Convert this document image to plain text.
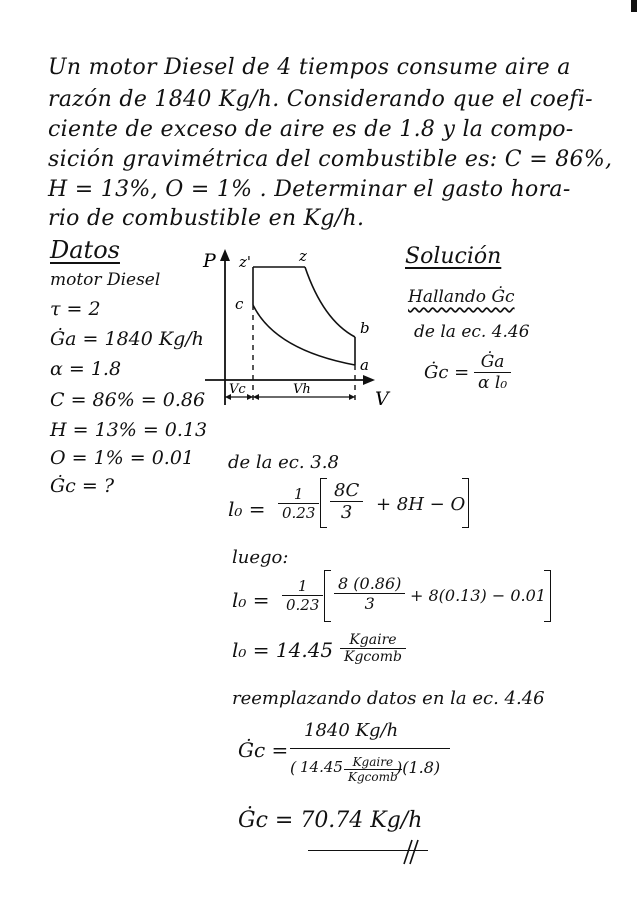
Un motor Diesel de 4 tiempos consume aire a
razón de 1840 Kg/h. Considerando que el coefi-
ciente de exceso de aire es de 1.8 y la compo-
sición gravimétrica del combustible es: C = 86%,
H = 13%, O = 1% . Determinar el gasto hora-
rio de combustible en Kg/h.
Datos
motor Diesel
τ = 2
Ġa = 1840 Kg/h
α = 1.8
C = 86% = 0.86
H = 13% = 0.13
O = 1% = 0.01
Ġc = ?
P
V
z'	z
c
b
a
Vc	Vh
Solución
Hallando Ġc
de la ec. 4.46
Ġc = $\frac{Ġa}{\text{α l₀}}$
de la ec. 3.8
$l_0 = \frac{1}{0.23} \frac{8C}{3} + 8H - O$
luego:
$l_0 = \frac{1}{0.23} \frac{8 (0.86)}{3} + 8(0.13) - 0.01$
l₀ = 14.45	Kgaire
Kgcomb
reemplazando datos en la ec. 4.46
Ġc =
1840 Kg/h
( 14.45 Kgaire
Kgcomb
)(1.8)
Ġc = 70.74 Kg/h
